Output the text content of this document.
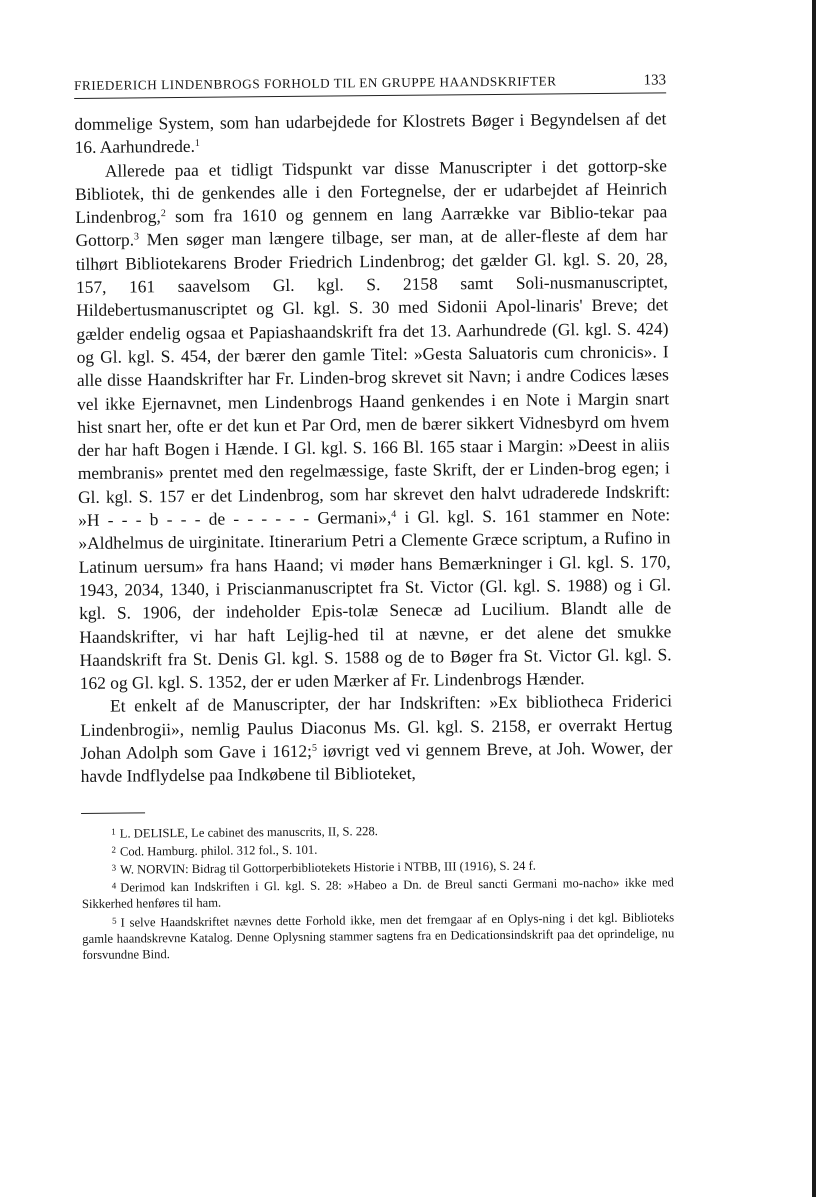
FRIEDERICH LINDENBROGS FORHOLD TIL EN GRUPPE HAANDSKRIFTER	133

dommelige System, som han udarbejdede for Klostrets Bøger i Begyndelsen af det 16. Aarhundrede.$^1$

Allerede paa et tidligt Tidspunkt var disse Manuscripter i det gottorp-ske Bibliotek, thi de genkendes alle i den Fortegnelse, der er udarbejdet af Heinrich Lindenbrog,$^2$ som fra 1610 og gennem en lang Aarrække var Biblio-tekar paa Gottorp.$^3$ Men søger man længere tilbage, ser man, at de aller-fleste af dem har tilhørt Bibliotekarens Broder Friedrich Lindenbrog; det gælder Gl. kgl. S. 20, 28, 157, 161 saavelsom Gl. kgl. S. 2158 samt Soli-nusmanuscriptet, Hildebertusmanuscriptet og Gl. kgl. S. 30 med Sidonii Apol-linaris' Breve; det gælder endelig ogsaa et Papiashaandskrift fra det 13. Aarhundrede (Gl. kgl. S. 424) og Gl. kgl. S. 454, der bærer den gamle Titel: »Gesta Saluatoris cum chronicis». I alle disse Haandskrifter har Fr. Linden-brog skrevet sit Navn; i andre Codices læses vel ikke Ejernavnet, men Lindenbrogs Haand genkendes i en Note i Margin snart hist snart her, ofte er det kun et Par Ord, men de bærer sikkert Vidnesbyrd om hvem der har haft Bogen i Hænde. I Gl. kgl. S. 166 Bl. 165 staar i Margin: »Deest in aliis membranis» prentet med den regelmæssige, faste Skrift, der er Linden-brog egen; i Gl. kgl. S. 157 er det Lindenbrog, som har skrevet den halvt udraderede Indskrift: »H - - - b - - - de - - - - - - Germani»,$^4$ i Gl. kgl. S. 161 stammer en Note: »Aldhelmus de uirginitate. Itinerarium Petri a Clemente Græce scriptum, a Rufino in Latinum uersum» fra hans Haand; vi møder hans Bemærkninger i Gl. kgl. S. 170, 1943, 2034, 1340, i Priscianmanuscriptet fra St. Victor (Gl. kgl. S. 1988) og i Gl. kgl. S. 1906, der indeholder Epis-tolæ Senecæ ad Lucilium. Blandt alle de Haandskrifter, vi har haft Lejlig-hed til at nævne, er det alene det smukke Haandskrift fra St. Denis Gl. kgl. S. 1588 og de to Bøger fra St. Victor Gl. kgl. S. 162 og Gl. kgl. S. 1352, der er uden Mærker af Fr. Lindenbrogs Hænder.

Et enkelt af de Manuscripter, der har Indskriften: »Ex bibliotheca Friderici Lindenbrogii», nemlig Paulus Diaconus Ms. Gl. kgl. S. 2158, er overrakt Hertug Johan Adolph som Gave i 1612;$^5$ iøvrigt ved vi gennem Breve, at Joh. Wower, der havde Indflydelse paa Indkøbene til Biblioteket,

$^1$ L. DELISLE, Le cabinet des manuscrits, II, S. 228.

$^2$ Cod. Hamburg. philol. 312 fol., S. 101.

$^3$ W. NORVIN: Bidrag til Gottorperbibliotekets Historie i NTBB, III (1916), S. 24 f.

$^4$ Derimod kan Indskriften i Gl. kgl. S. 28: »Habeo a Dn. de Breul sancti Germani mo-nacho» ikke med Sikkerhed henføres til ham.

$^5$ I selve Haandskriftet nævnes dette Forhold ikke, men det fremgaar af en Oplys-ning i det kgl. Biblioteks gamle haandskrevne Katalog. Denne Oplysning stammer sagtens fra en Dedicationsindskrift paa det oprindelige, nu forsvundne Bind.
